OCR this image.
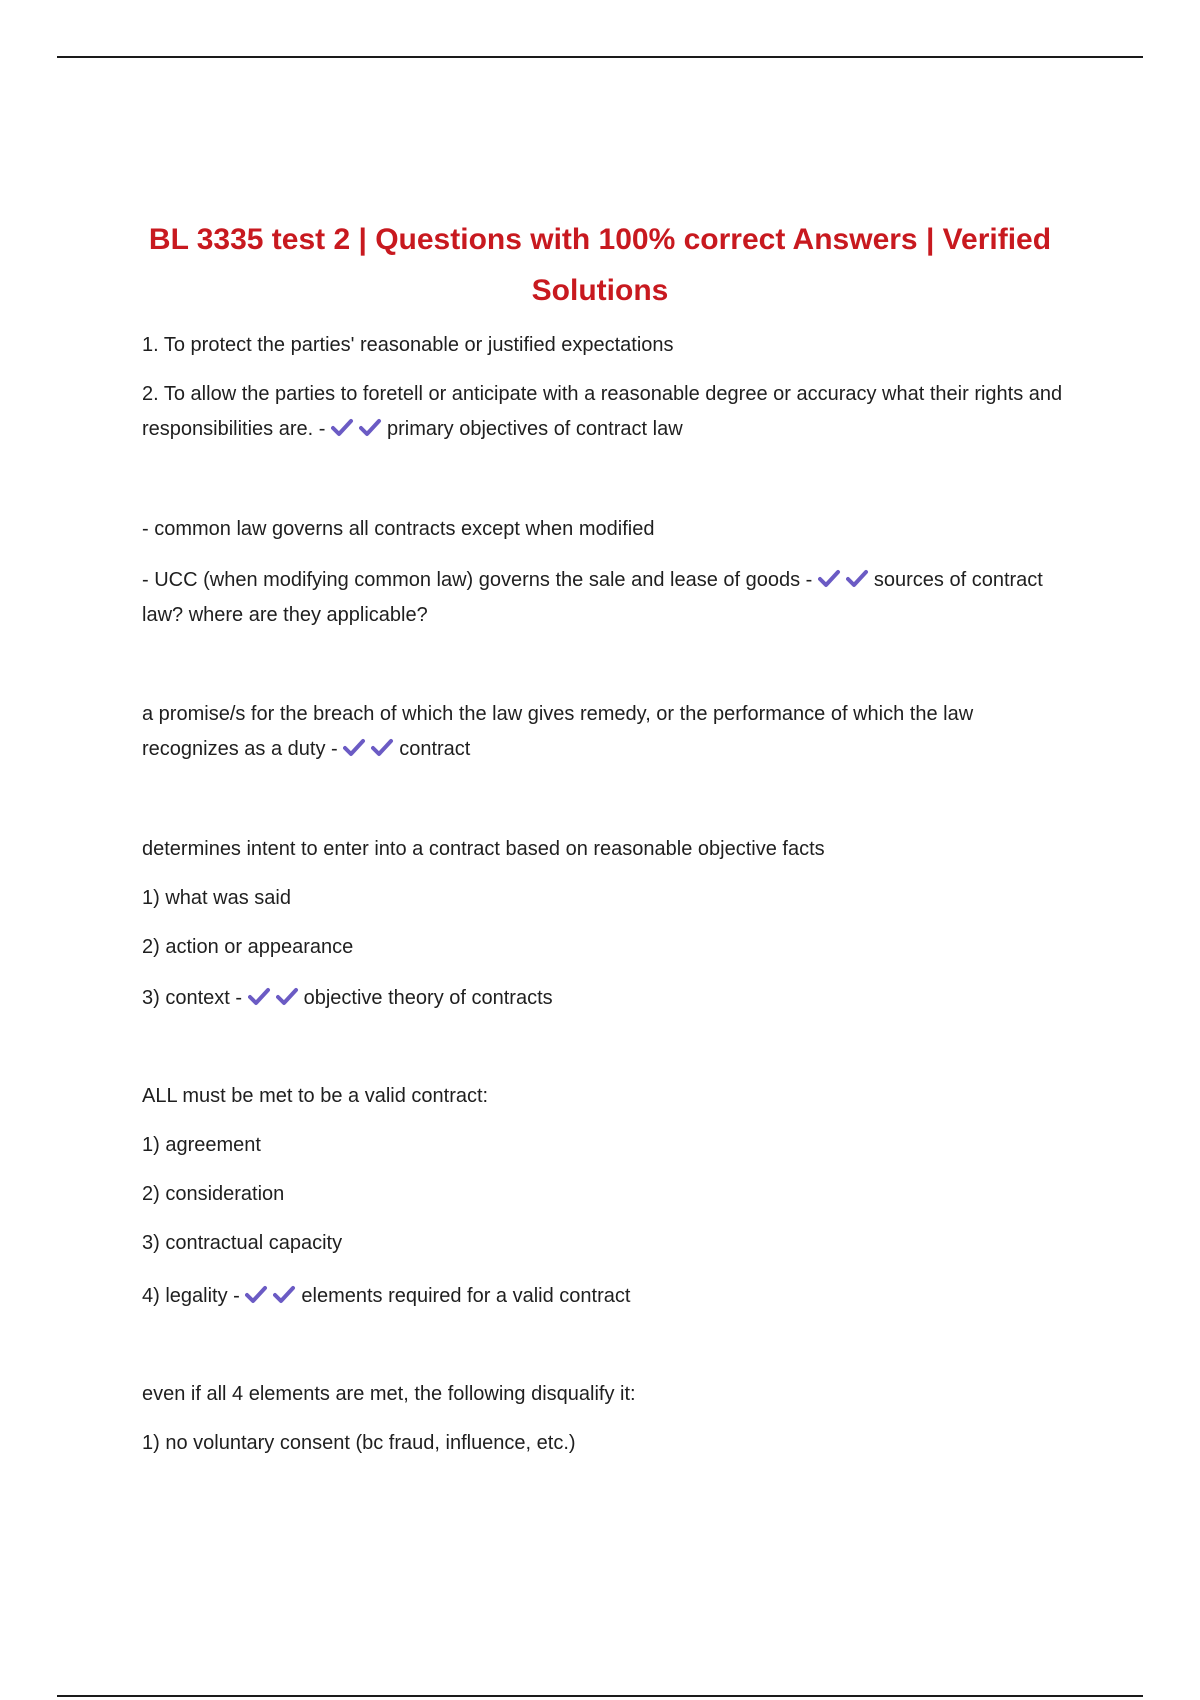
BL 3335 test 2 | Questions with 100% correct Answers | Verified Solutions
1. To protect the parties' reasonable or justified expectations
2. To allow the parties to foretell or anticipate with a reasonable degree or accuracy what their rights and responsibilities are. -	primary objectives of contract law
- common law governs all contracts except when modified
- UCC (when modifying common law) governs the sale and lease of goods -	sources of contract law? where are they applicable?
a promise/s for the breach of which the law gives remedy, or the performance of which the law recognizes as a duty -	contract
determines intent to enter into a contract based on reasonable objective facts
1) what was said
2) action or appearance
3) context -	objective theory of contracts
ALL must be met to be a valid contract:
1) agreement
2) consideration
3) contractual capacity
4) legality -	elements required for a valid contract
even if all 4 elements are met, the following disqualify it:
1) no voluntary consent (bc fraud, influence, etc.)
